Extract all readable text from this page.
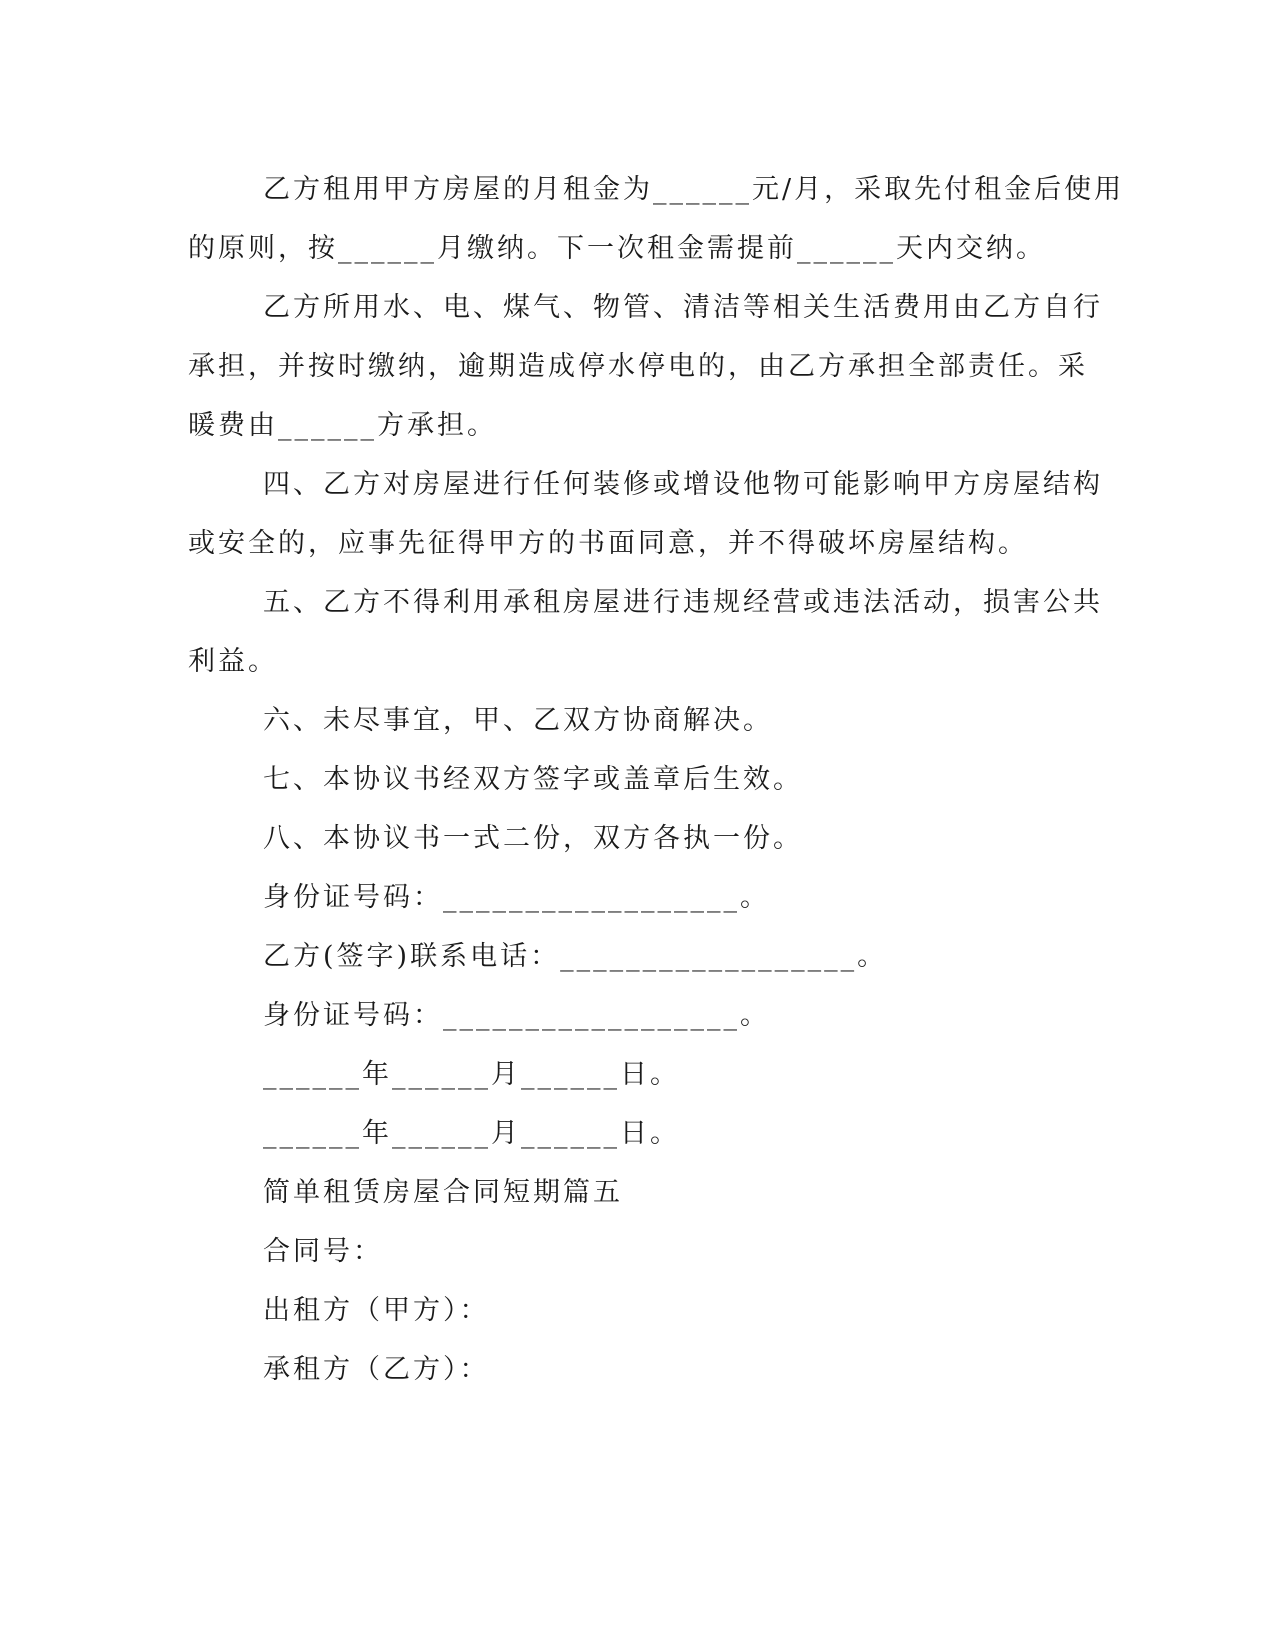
乙方租用甲方房屋的月租金为______元/月，采取先付租金后使用
的原则，按______月缴纳。下一次租金需提前______天内交纳。

乙方所用水、电、煤气、物管、清洁等相关生活费用由乙方自行
承担，并按时缴纳，逾期造成停水停电的，由乙方承担全部责任。采
暖费由______方承担。

四、乙方对房屋进行任何装修或增设他物可能影响甲方房屋结构
或安全的，应事先征得甲方的书面同意，并不得破坏房屋结构。

五、乙方不得利用承租房屋进行违规经营或违法活动，损害公共
利益。

六、未尽事宜，甲、乙双方协商解决。

七、本协议书经双方签字或盖章后生效。

八、本协议书一式二份，双方各执一份。

身份证号码：__________________。

乙方(签字)联系电话：__________________。

身份证号码：__________________。

______年______月______日。

______年______月______日。

简单租赁房屋合同短期篇五

合同号：

出租方（甲方）：

承租方（乙方）：
